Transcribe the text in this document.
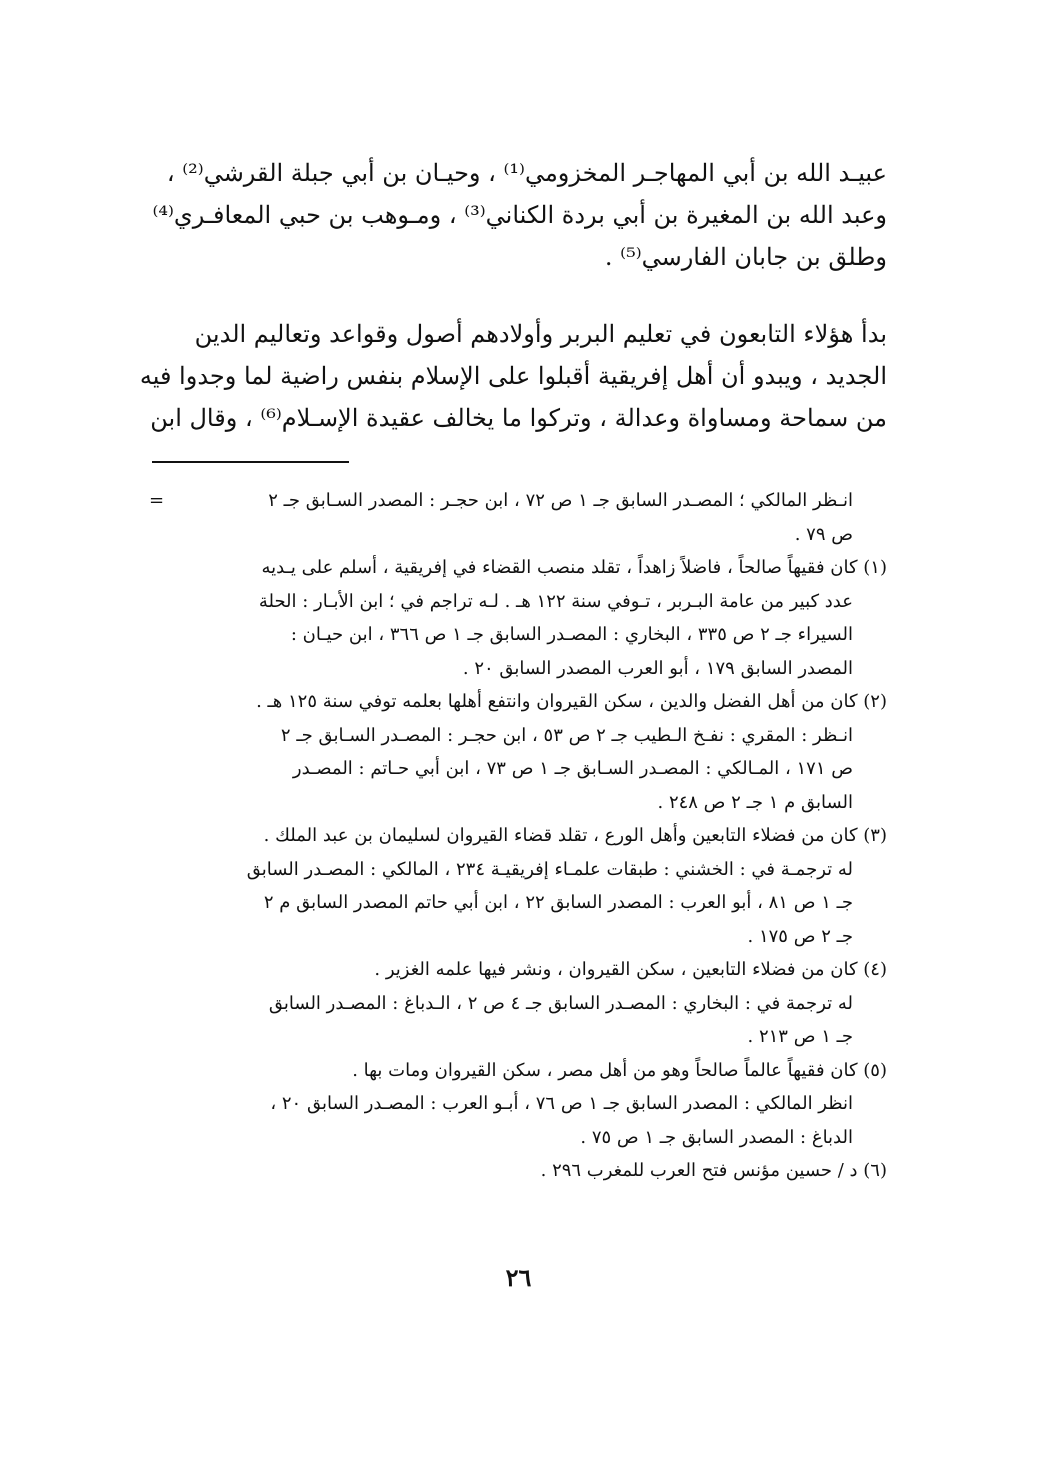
عبيـد الله بن أبي المهاجـر المخزومي⁽¹⁾ ، وحيـان بن أبي جبلة القرشي⁽²⁾ ،
وعبد الله بن المغيرة بن أبي بردة الكناني⁽³⁾ ، ومـوهب بن حبي المعافـري⁽⁴⁾
وطلق بن جابان الفارسي⁽⁵⁾ .
بدأ هؤلاء التابعون في تعليم البربر وأولادهم أصول وقواعد وتعاليم الدين
الجديد ، ويبدو أن أهل إفريقية أقبلوا على الإسلام بنفس راضية لما وجدوا فيه
من سماحة ومساواة وعدالة ، وتركوا ما يخالف عقيدة الإسـلام⁽⁶⁾ ، وقال ابن
=	انـظر المالكي ؛ المصـدر السابق جـ ١ ص ٧٢ ، ابن حجـر : المصدر السـابق جـ ٢
ص ٧٩ .
(١) كان فقيهاً صالحاً ، فاضلاً زاهداً ، تقلد منصب القضاء في إفريقية ، أسلم على يـديه
عدد كبير من عامة البـربر ، تـوفي سنة ١٢٢ هـ . لـه تراجم في ؛ ابن الأبـار : الحلة
السيراء جـ ٢ ص ٣٣٥ ، البخاري : المصـدر السابق جـ ١ ص ٣٦٦ ، ابن حيـان :
المصدر السابق ١٧٩ ، أبو العرب المصدر السابق ٢٠ .
(٢) كان من أهل الفضل والدين ، سكن القيروان وانتفع أهلها بعلمه توفي سنة ١٢٥ هـ .
انـظر : المقري : نفـخ الـطيب جـ ٢ ص ٥٣ ، ابن حجـر : المصـدر السـابق جـ ٢
ص ١٧١ ، المـالكي : المصـدر السـابق جـ ١ ص ٧٣ ، ابن أبي حـاتم : المصـدر
السابق م ١ جـ ٢ ص ٢٤٨ .
(٣) كان من فضلاء التابعين وأهل الورع ، تقلد قضاء القيروان لسليمان بن عبد الملك .
له ترجمـة في : الخشني : طبقات علمـاء إفريقيـة ٢٣٤ ، المالكي : المصـدر السابق
جـ ١ ص ٨١ ، أبو العرب : المصدر السابق ٢٢ ، ابن أبي حاتم المصدر السابق م ٢
جـ ٢ ص ١٧٥ .
(٤) كان من فضلاء التابعين ، سكن القيروان ، ونشر فيها علمه الغزير .
له ترجمة في : البخاري : المصـدر السابق جـ ٤ ص ٢ ، الـدباغ : المصـدر السابق
جـ ١ ص ٢١٣ .
(٥) كان فقيهاً عالماً صالحاً وهو من أهل مصر ، سكن القيروان ومات بها .
انظر المالكي : المصدر السابق جـ ١ ص ٧٦ ، أبـو العرب : المصـدر السابق ٢٠ ،
الدباغ : المصدر السابق جـ ١ ص ٧٥ .
(٦) د / حسين مؤنس فتح العرب للمغرب ٢٩٦ .
٢٦
